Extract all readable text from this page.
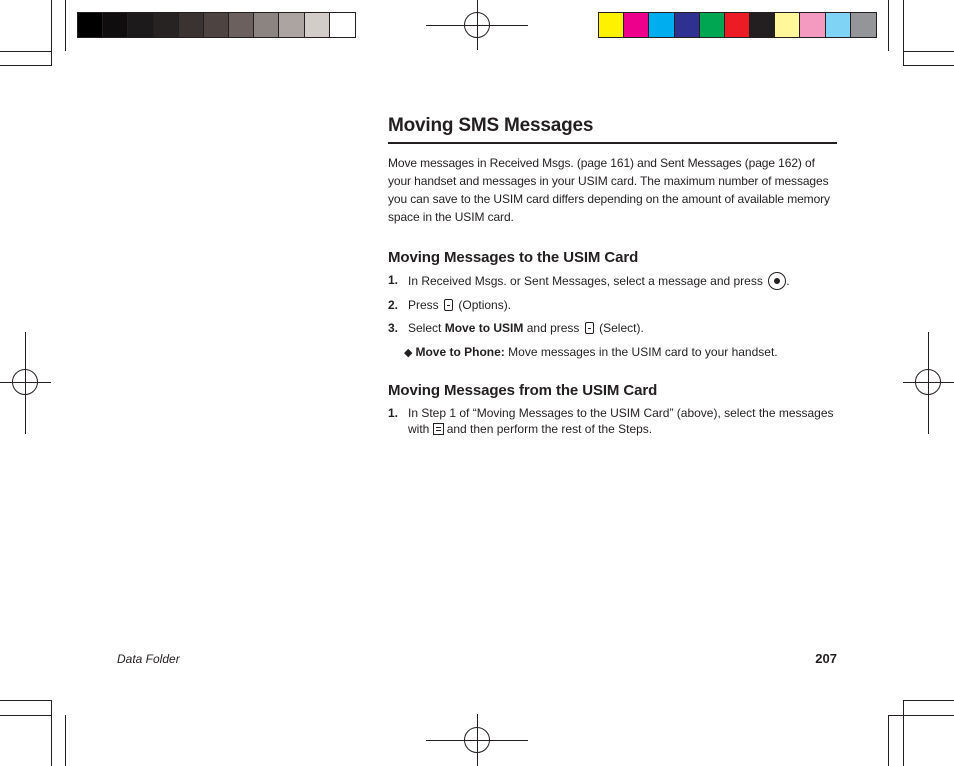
Moving SMS Messages

Move messages in Received Msgs. (page 161) and Sent Messages (page 162) of your handset and messages in your USIM card. The maximum number of messages you can save to the USIM card differs depending on the amount of available memory space in the USIM card.

Moving Messages to the USIM Card
1. In Received Msgs. or Sent Messages, select a message and press .
2. Press (Options).
3. Select Move to USIM and press (Select).
◆ Move to Phone: Move messages in the USIM card to your handset.
Moving Messages from the USIM Card
1. In Step 1 of “Moving Messages to the USIM Card” (above), select the messages with and then perform the rest of the Steps.
Data Folder	207
